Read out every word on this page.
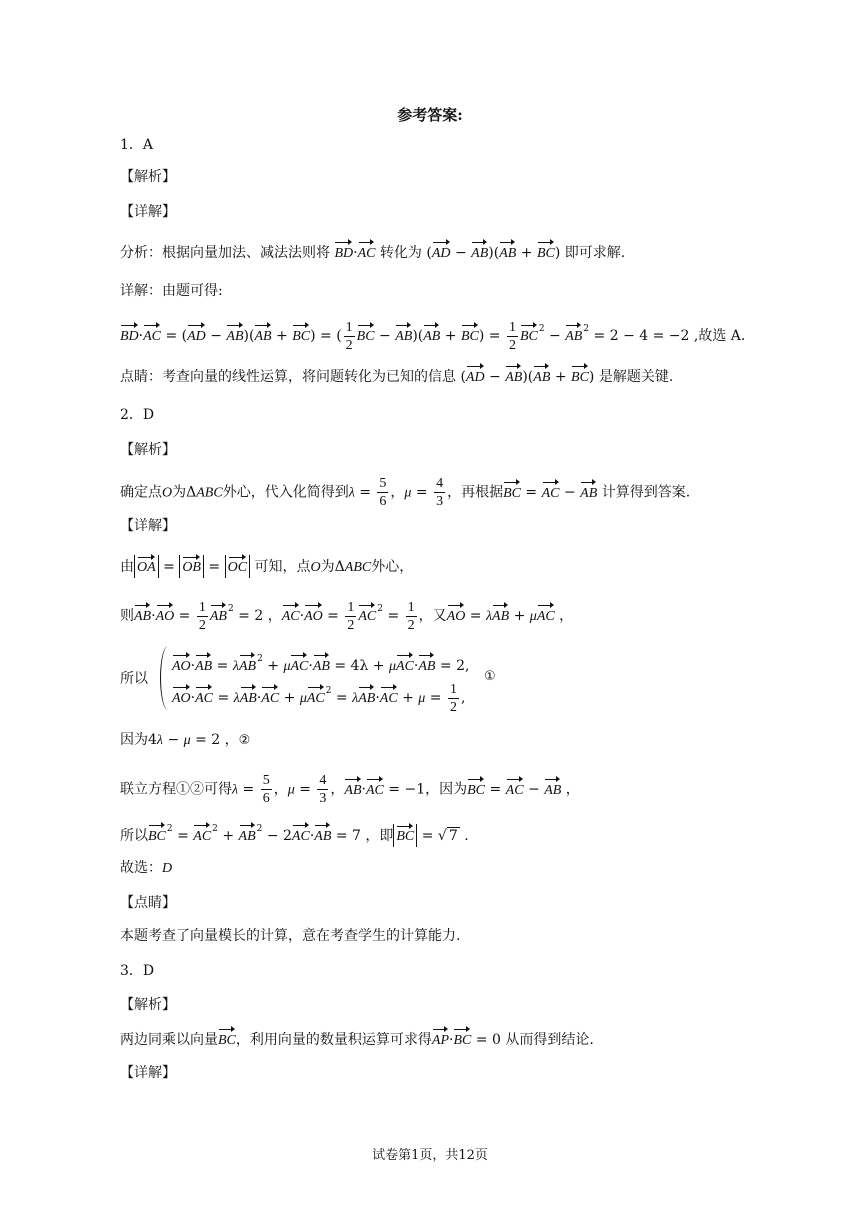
参考答案:
1．A
【解析】
【详解】
分析：根据向量加法、减法法则将 BD·AC 转化为 (AD − AB)(AB + BC) 即可求解.
详解：由题可得:
BD·AC = (AD − AB)(AB + BC) = ( $\frac{1}{2}$ BC − $AB)(AB + BC) = \frac{1}{2} BC^2 - AB^2 = 2 - 4 = -2$ ,故选 A.
点睛：考查向量的线性运算，将问题转化为已知的信息 (AD − AB)(AB + BC) 是解题关键.
2．D
【解析】
确定点O为ΔABC外心，代入化简得到$\lambda = \frac{5}{6}$ ，$\mu = \frac{4}{3}$ ，再根据BC = AC − AB 计算得到答案.
【详解】
由 OA = OB = OC 可知，点O为ΔABC外心，
则$AB\cdot AO = \frac{1}{2} AB^2 = 2$ ，$AC\cdot AO = \frac{1}{2} AC^2 = \frac{1}{2}$ ，又AO = λAB + μAC ，
所以
AO·AB = λAB$^2$ + μAC·AB = 4λ + μAC·AB = 2,
$AO\cdot AC = \lambda AB\cdot AC + \mu AC^2 = \lambda AB\cdot AC + \mu = \frac{1}{2}$ ,
①
因为4λ − μ = 2 ，②
联立方程①②可得$\lambda = \frac{5}{6}$ ，$\mu = \frac{4}{3}$ ，AB·AC = −1，因为BC = AC − AB ，
所以$BC^2 = AC^2 + AB^2 - 2AC\cdot AB = 7$ ，即 BC = √ 7 .
故选：D
【点睛】
本题考查了向量模长的计算，意在考查学生的计算能力.
3．D
【解析】
两边同乘以向量BC，利用向量的数量积运算可求得AP·BC = 0 从而得到结论.
【详解】
试卷第1页，共12页
